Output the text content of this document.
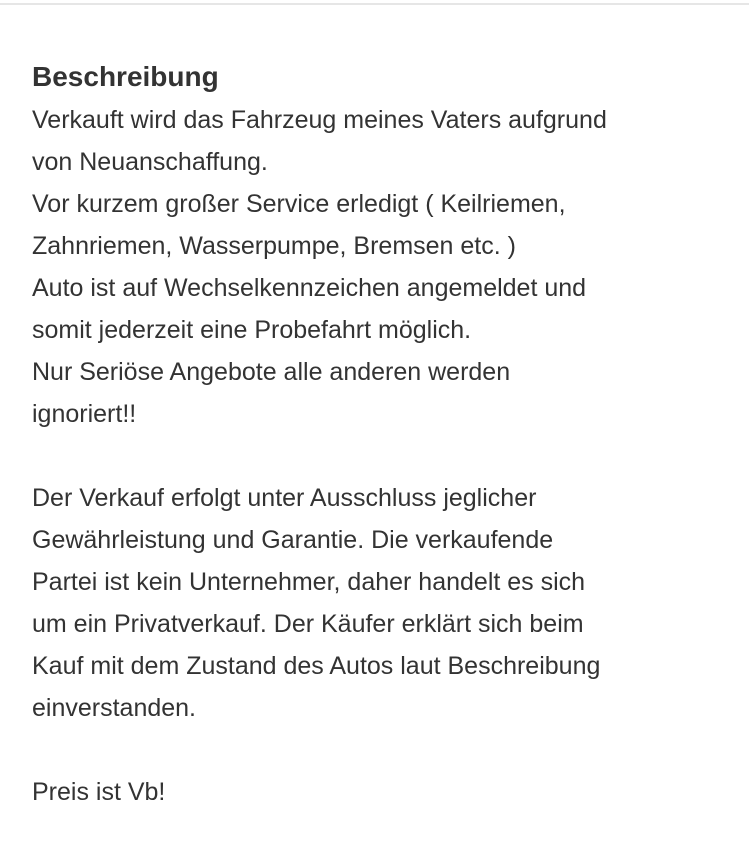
Beschreibung
Verkauft wird das Fahrzeug meines Vaters aufgrund
von Neuanschaffung.
Vor kurzem großer Service erledigt ( Keilriemen,
Zahnriemen, Wasserpumpe, Bremsen etc. )
Auto ist auf Wechselkennzeichen angemeldet und
somit jederzeit eine Probefahrt möglich.
Nur Seriöse Angebote alle anderen werden
ignoriert!!
Der Verkauf erfolgt unter Ausschluss jeglicher
Gewährleistung und Garantie. Die verkaufende
Partei ist kein Unternehmer, daher handelt es sich
um ein Privatverkauf. Der Käufer erklärt sich beim
Kauf mit dem Zustand des Autos laut Beschreibung
einverstanden.
Preis ist Vb!
